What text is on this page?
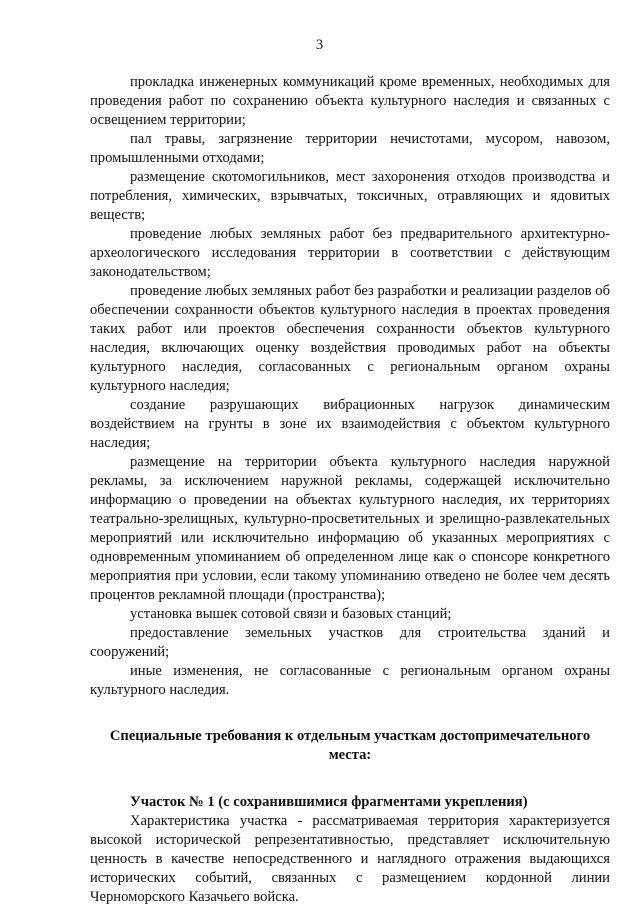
3

прокладка инженерных коммуникаций кроме временных, необходимых для проведения работ по сохранению объекта культурного наследия и связанных с освещением территории;

пал травы, загрязнение территории нечистотами, мусором, навозом, промышленными отходами;

размещение скотомогильников, мест захоронения отходов производства и потребления, химических, взрывчатых, токсичных, отравляющих и ядовитых веществ;

проведение любых земляных работ без предварительного архитектурно-археологического исследования территории в соответствии с действующим законодательством;

проведение любых земляных работ без разработки и реализации разделов об обеспечении сохранности объектов культурного наследия в проектах проведения таких работ или проектов обеспечения сохранности объектов культурного наследия, включающих оценку воздействия проводимых работ на объекты культурного наследия, согласованных с региональным органом охраны культурного наследия;

создание разрушающих вибрационных нагрузок динамическим воздействием на грунты в зоне их взаимодействия с объектом культурного наследия;

размещение на территории объекта культурного наследия наружной рекламы, за исключением наружной рекламы, содержащей исключительно информацию о проведении на объектах культурного наследия, их территориях театрально-зрелищных, культурно-просветительных и зрелищно-развлекательных мероприятий или исключительно информацию об указанных мероприятиях с одновременным упоминанием об определенном лице как о спонсоре конкретного мероприятия при условии, если такому упоминанию отведено не более чем десять процентов рекламной площади (пространства);

установка вышек сотовой связи и базовых станций;

предоставление земельных участков для строительства зданий и сооружений;

иные изменения, не согласованные с региональным органом охраны культурного наследия.

Специальные требования к отдельным участкам достопримечательного места:

Участок № 1 (с сохранившимися фрагментами укрепления)

Характеристика участка - рассматриваемая территория характеризуется высокой исторической репрезентативностью, представляет исключительную ценность в качестве непосредственного и наглядного отражения выдающихся исторических событий, связанных с размещением кордонной линии Черноморского Казачьего войска.
